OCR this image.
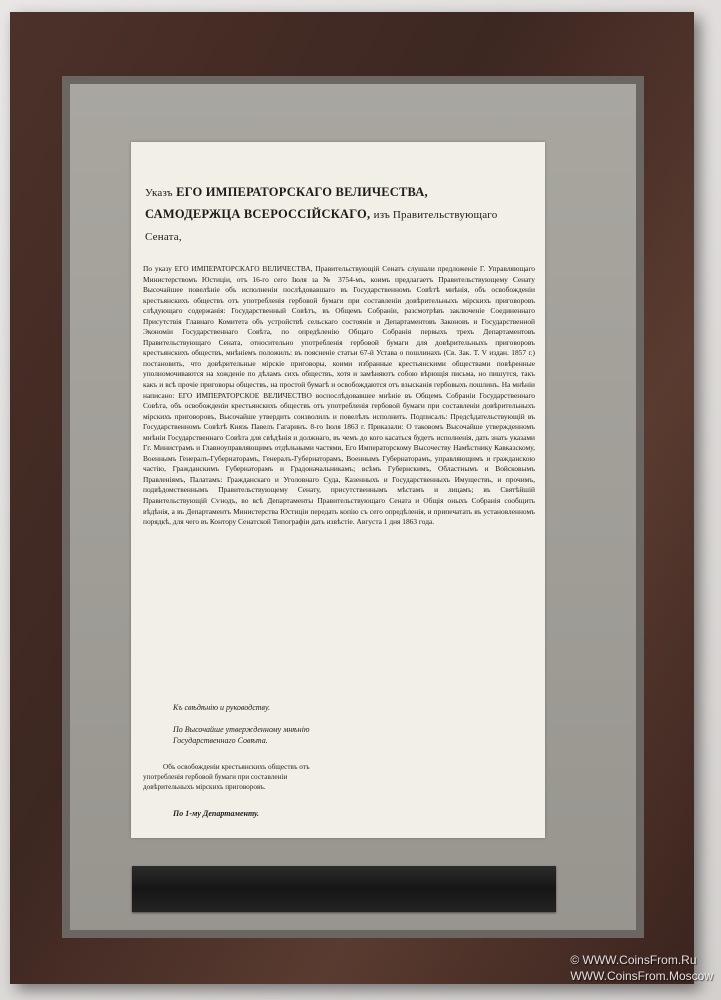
Указъ ЕГО ИМПЕРАТОРСКАГО ВЕЛИЧЕСТВА,
САМОДЕРЖЦА ВСЕРОССІЙСКАГО, изъ Правительствующаго Сената,
По указу ЕГО ИМПЕРАТОРСКАГО ВЕЛИЧЕСТВА, Правительствующій Сенатъ слушали предложеніе Г. Управляющаго Министерствомъ Юстиціи, отъ 16-го сего Іюля за № 3754-мъ, коимъ предлагаетъ Правительствующему Сенату Высочайшее повелѣніе объ исполненіи послѣдовавшаго въ Государственномъ Совѣтѣ мнѣнія, объ освобожденіи крестьянскихъ обществъ отъ употребленія гербовой бумаги при составленіи довѣрительныхъ мірскихъ приговоровъ слѣдующаго содержанія: Государственный Совѣтъ, въ Общемъ Собраніи, разсмотрѣвъ заключеніе Соединеннаго Присутствія Главнаго Комитета объ устройствѣ сельскаго состоянія и Департаментовъ Законовъ и Государственной Экономіи Государственнаго Совѣта, по опредѣленію Общаго Собранія первыхъ трехъ Департаментовъ Правительствующаго Сената, относительно употребленія гербовой бумаги для довѣрительныхъ приговоровъ крестьянскихъ обществъ, мнѣніемъ положилъ: въ поясненіе статьи 67-й Устава о пошлинахъ (Св. Зак. Т. V издан. 1857 г.) постановить, что довѣрительные мірскіе приговоры, коими избранные крестьянскими обществами повѣренные уполномочиваются на хожденіе по дѣламъ сихъ обществъ, хотя и замѣняютъ собою вѣрющія письма, но пишутся, такъ какъ и всѣ прочіе приговоры обществъ, на простой бумагѣ и освобождаются отъ взысканія гербовыхъ пошлинъ. На мнѣніи написано: ЕГО ИМПЕРАТОРСКОЕ ВЕЛИЧЕСТВО воспослѣдовавшее мнѣніе въ Общемъ Собраніи Государственнаго Совѣта, объ освобожденіи крестьянскихъ обществъ отъ употребленія гербовой бумаги при составленіи довѣрительныхъ мірскихъ приговоровъ, Высочайше утвердить соизволилъ и повелѣлъ исполнить. Подписалъ: Предсѣдательствующій въ Государственномъ Совѣтѣ Князь Павелъ Гагаринъ. 8-го Іюля 1863 г. Приказали: О таковомъ Высочайше утвержденномъ мнѣніи Государственнаго Совѣта для свѣдѣнія и должнаго, въ чемъ до кого касаться будетъ исполненія, дать знать указами Гг. Министрамъ и Главноуправляющимъ отдѣльными частями, Его Императорскому Высочеству Намѣстнику Кавказскому, Военнымъ Генералъ-Губернаторамъ, Генералъ-Губернаторамъ, Военнымъ Губернаторамъ, управляющимъ и гражданскою частію, Гражданскимъ Губернаторамъ и Градоначальникамъ; всѣмъ Губернскимъ, Областнымъ и Войсковымъ Правленіямъ, Палатамъ: Гражданскаго и Уголовнаго Суда, Казенныхъ и Государственныхъ Имуществъ, и прочимъ, подвѣдомственнымъ Правительствующему Сенату, присутственнымъ мѣстамъ и лицамъ; въ Святѣйшій Правительствующій Сѵнодъ, во всѣ Департаменты Правительствующаго Сената и Общія оныхъ Собранія сообщить вѣдѣнія, а въ Департаментъ Министерства Юстиціи передать копію съ сего опредѣленія, и припечатать въ установленномъ порядкѣ, для чего въ Контору Сенатской Типографіи дать извѣстіе. Августа 1 дня 1863 года.
Къ свѣдѣнію и руководству.
По Высочайше утвержденному мнѣнію Государственнаго Совѣта.
Объ освобожденіи крестьянскихъ обществъ отъ употребленія гербовой бумаги при составленіи довѣрительныхъ мірскихъ приговоровъ.
По 1-му Департаменту.
© WWW.CoinsFrom.Ru
WWW.CoinsFrom.Moscow
